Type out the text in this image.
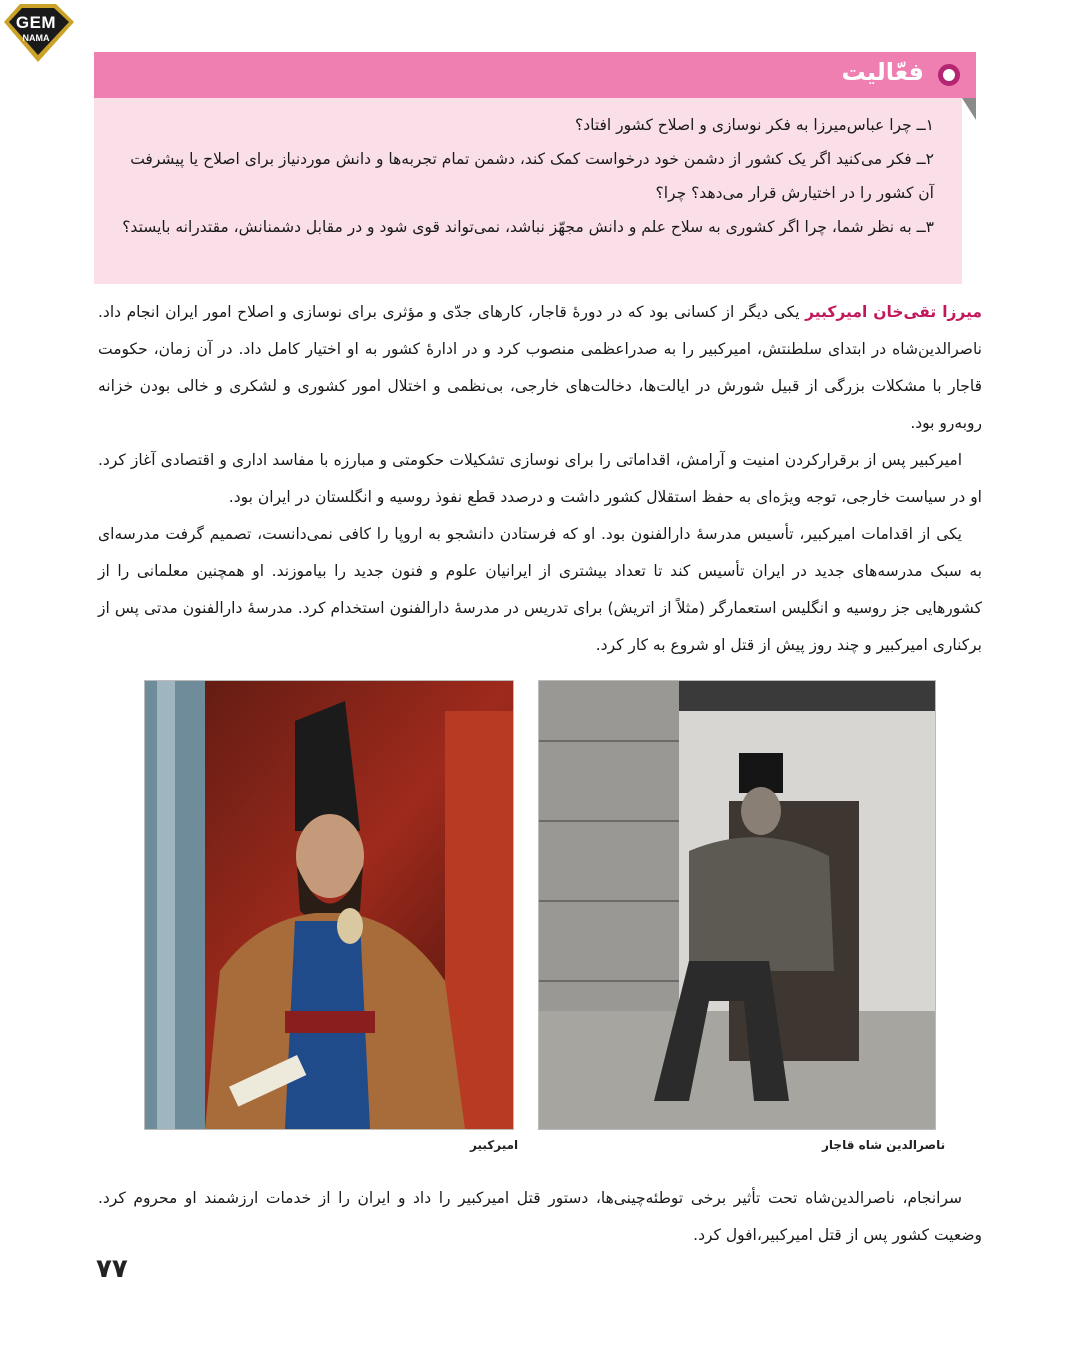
GEM
NAMA
فعّالیت

۱ــ چرا عباس‌میرزا به فکر نوسازی و اصلاح کشور افتاد؟

۲ــ فکر می‌کنید اگر یک کشور از دشمن خود درخواست کمک کند، دشمن تمام تجربه‌ها و دانش موردنیاز برای اصلاح یا پیشرفت آن کشور را در اختیارش قرار می‌دهد؟ چرا؟

۳ــ به نظر شما، چرا اگر کشوری به سلاح علم و دانش مجهّز نباشد، نمی‌تواند قوی شود و در مقابل دشمنانش، مقتدرانه بایستد؟

میرزا تقی‌خان امیرکبیر یکی دیگر از کسانی بود که در دورهٔ قاجار، کارهای جدّی و مؤثری برای نوسازی و اصلاح امور ایران انجام داد. ناصرالدین‌شاه در ابتدای سلطنتش، امیرکبیر را به صدراعظمی منصوب کرد و در ادارهٔ کشور به او اختیار کامل داد. در آن زمان، حکومت قاجار با مشکلات بزرگی از قبیل شورش در ایالت‌ها، دخالت‌های خارجی، بی‌نظمی و اختلال امور کشوری و لشکری و خالی بودن خزانه روبه‌رو بود.

امیرکبیر پس از برقرارکردن امنیت و آرامش، اقداماتی را برای نوسازی تشکیلات حکومتی و مبارزه با مفاسد اداری و اقتصادی آغاز کرد. او در سیاست خارجی، توجه ویژه‌ای به حفظ استقلال کشور داشت و درصدد قطع نفوذ روسیه و انگلستان در ایران بود.

یکی از اقدامات امیرکبیر، تأسیس مدرسهٔ دارالفنون بود. او که فرستادن دانشجو به اروپا را کافی نمی‌دانست، تصمیم گرفت مدرسه‌ای به سبک مدرسه‌های جدید در ایران تأسیس کند تا تعداد بیشتری از ایرانیان علوم و فنون جدید را بیاموزند. او همچنین معلمانی را از کشورهایی جز روسیه و انگلیس استعمارگر (مثلاً از اتریش) برای تدریس در مدرسهٔ دارالفنون استخدام کرد. مدرسهٔ دارالفنون مدتی پس از برکناری امیرکبیر و چند روز پیش از قتل او شروع به کار کرد.

امیرکبیر	ناصرالدین شاه قاجار

سرانجام، ناصرالدین‌شاه تحت تأثیر برخی توطئه‌چینی‌ها، دستور قتل امیرکبیر را داد و ایران را از خدمات ارزشمند او محروم کرد. وضعیت کشور پس از قتل امیرکبیر،افول کرد.

۷۷
